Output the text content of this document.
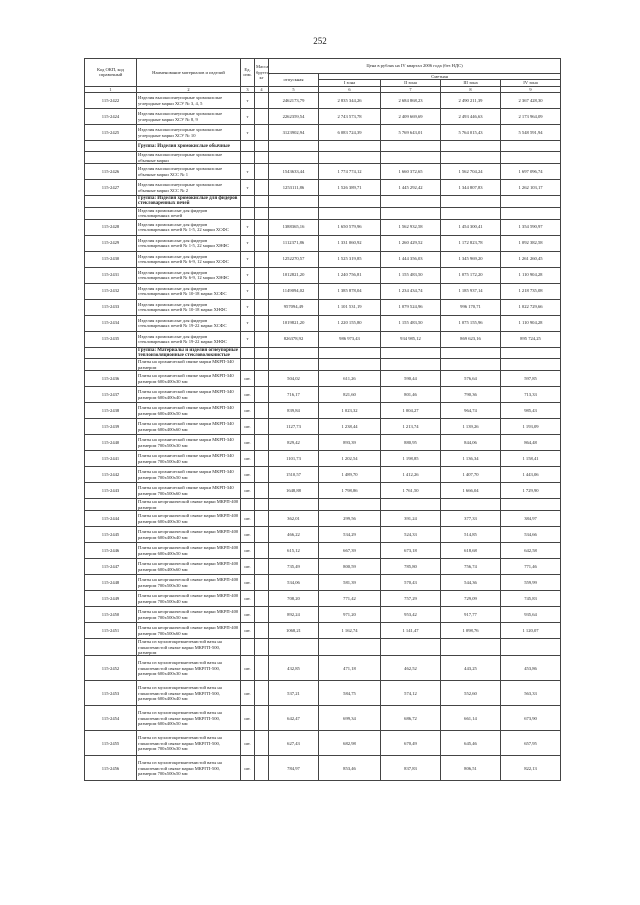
252
Код ОКП, код справочный	Наименование материалов и изделий	Ед. изм.	Масса брутто, кг	Цена в рублях на IV квартал 2006 года (без НДС)				
				отпускная	Сметная			
					I зона	II зона	III зона	IV зона
1	2	3	4	5	6	7	8	9
115-2422	Изделия высокоогнеупорные хромокислые углеродные марки ХСУ № 3, 4, 5	т		2462173,79	2 835 344,26	2 684 868,23	2 490 211,39	2 367 428,30
115-2424	Изделия высокоогнеупорные хромокислые углеродные марки ХСУ № 8, 9	т		2262359,54	2 743 573,78	2 409 669,69	2 493 446,63	2 173 964,09
115-2425	Изделия высокоогнеупорные хромокислые углеродные марки ХСУ № 10	т		3123902,94	6 083 724,39	5 769 643,01	5 764 015,43	5 548 591,94
	Группа: Изделия хромокислые обычные							
	Изделия высокоогнеупорные хромокислые обычные марки							
115-2426	Изделия высокоогнеупорные хромокислые обычные марки ХСС № 1	т		1543633,44	1 774 774,12	1 660 372,65	1 562 704,24	1 697 096,74
115-2427	Изделия высокоогнеупорные хромокислые обычные марки ХСС № 2	т		1253111,86	1 526 389,71	1 445 292,42	1 344 807,83	1 262 103,17
	Группа: Изделия хромокислые для фидеров стекловаренных печей							
	Изделия хромокислые для фидеров стекловаренных печей							
115-2428	Изделия хромокислые для фидеров стекловаренных печей № 1-5, 22 марки ХСФС	т		1388365,16	1 650 579,96	1 562 932,58	1 454 300,41	1 354 590,97
115-2429	Изделия хромокислые для фидеров стекловаренных печей № 1-5, 22 марки ХНФС	т		1112371,86	1 331 060,92	1 260 429,52	1 172 823,78	1 092 382,58
115-2430	Изделия хромокислые для фидеров стекловаренных печей № 6-9, 12 марки ХСФС	т		1252270,57	1 525 319,85	1 444 356,03	1 345 969,20	1 261 260,45
115-2431	Изделия хромокислые для фидеров стекловаренных печей № 6-9, 12 марки ХНФС	т		1012821,20	1 240 756,81	1 155 483,50	1 075 172,20	1 110 904,28
115-2432	Изделия хромокислые для фидеров стекловаренных печей № 10-18 марки ХСФС	т		1149094,02	1 385 878,04	1 234 434,74	1 185 937,14	1 218 735,08
115-2433	Изделия хромокислые для фидеров стекловаренных печей № 10-18 марки ХНФС	т		957094,49	1 101 531,19	1 079 524,96	996 170,71	1 022 729,66
115-2434	Изделия хромокислые для фидеров стекловаренных печей № 19-22 марки ХСФС	т		1019821,20	1 220 155,80	1 155 483,50	1 075 155,96	1 110 904,28
115-2435	Изделия хромокислые для фидеров стекловаренных печей № 19-22 марки ХНФС	т		826378,92	986 973,43	934 985,12	869 623,16	895 724,25
	Группа: Материалы и изделия огнеупорные теплоизоляционные стекловолокнистые							
	Плиты на органической связке марки МКРП-340 размером							
115-2436	Плиты на органической связке марки МКРП-340 размером 600х400х30 мм	шт.		504,02	611,26	590,44	576,64	597,85
115-2437	Плиты на органической связке марки МКРП-340 размером 600х400х40 мм	шт.		716,17	821,60	801,46	790,36	713,33
115-2438	Плиты на органической связке марки МКРП-340 размером 600х400х50 мм	шт.		839,84	1 023,32	1 004,27	964,74	985,43
115-2439	Плиты на органической связке марки МКРП-340 размером 600х400х60 мм	шт.		1127,73	1 238,44	1 213,74	1 139,26	1 193,09
115-2440	Плиты на органической связке марки МКРП-340 размером 700х500х30 мм	шт.		829,42	893,39	880,95	844,06	864,48
115-2441	Плиты на органической связке марки МКРП-340 размером 700х500х40 мм	шт.		1101,73	1 202,54	1 198,85	1 136,34	1 158,41
115-2442	Плиты на органической связке марки МКРП-340 размером 700х500х50 мм	шт.		1510,57	1 489,70	1 412,26	1 407,70	1 443,06
115-2443	Плиты на органической связке марки МКРП-340 размером 700х500х60 мм	шт.		1648,88	1 798,86	1 761,50	1 666,04	1 729,90
	Плиты на неорганической связке марки МКРП-400 размером							
115-2444	Плиты на неорганической связке марки МКРП-400 размером 600х400х30 мм	шт.		362,01	299,56	391,24	377,33	384,97
115-2445	Плиты на неорганической связке марки МКРП-400 размером 600х400х40 мм	шт.		466,22	534,29	524,33	514,85	534,66
115-2446	Плиты на неорганической связке марки МКРП-400 размером 600х400х50 мм	шт.		615,12	667,39	673,18	618,68	642,58
115-2447	Плиты на неорганической связке марки МКРП-400 размером 600х400х60 мм	шт.		735,49	800,59	785,80	756,74	771,46
115-2448	Плиты на неорганической связке марки МКРП-400 размером 700х500х30 мм	шт.		534,06	581,39	570,43	544,36	559,99
115-2449	Плиты на неорганической связке марки МКРП-400 размером 700х500х40 мм	шт.		708,20	771,42	757,29	729,09	745,83
115-2450	Плиты на неорганической связке марки МКРП-400 размером 700х500х50 мм	шт.		892,24	971,20	953,42	917,77	935,64
115-2451	Плиты на неорганической связке марки МКРП-400 размером 700х500х60 мм	шт.		1068,21	1 162,74	1 141,47	1 098,76	1 120,07
	Плиты из муллитокремнеземистой ваты на глиноземистой связке марки МКРГП-500, размером							
115-2452	Плиты из муллитокремнеземистой ваты на глиноземистой связке марки МКРГП-500, размером 600х400х30 мм	шт.		432,85	471,18	462,52	443,25	453,86
115-2453	Плиты из муллитокремнеземистой ваты на глиноземистой связке марки МКРГП-500, размером 600х400х40 мм	шт.		537,21	584,75	574,12	552,60	563,33
115-2454	Плиты из муллитокремнеземистой ваты на глиноземистой связке марки МКРГП-500, размером 600х400х50 мм	шт.		642,47	699,34	686,72	661,14	673,90
115-2455	Плиты из муллитокремнеземистой ваты на глиноземистой связке марки МКРГП-500, размером 700х500х30 мм	шт.		627,43	682,98	670,49	645,46	657,95
115-2456	Плиты из муллитокремнеземистой ваты на глиноземистой связке марки МКРГП-500, размером 700х500х50 мм	шт.		784,97	853,46	837,83	806,51	822,13
